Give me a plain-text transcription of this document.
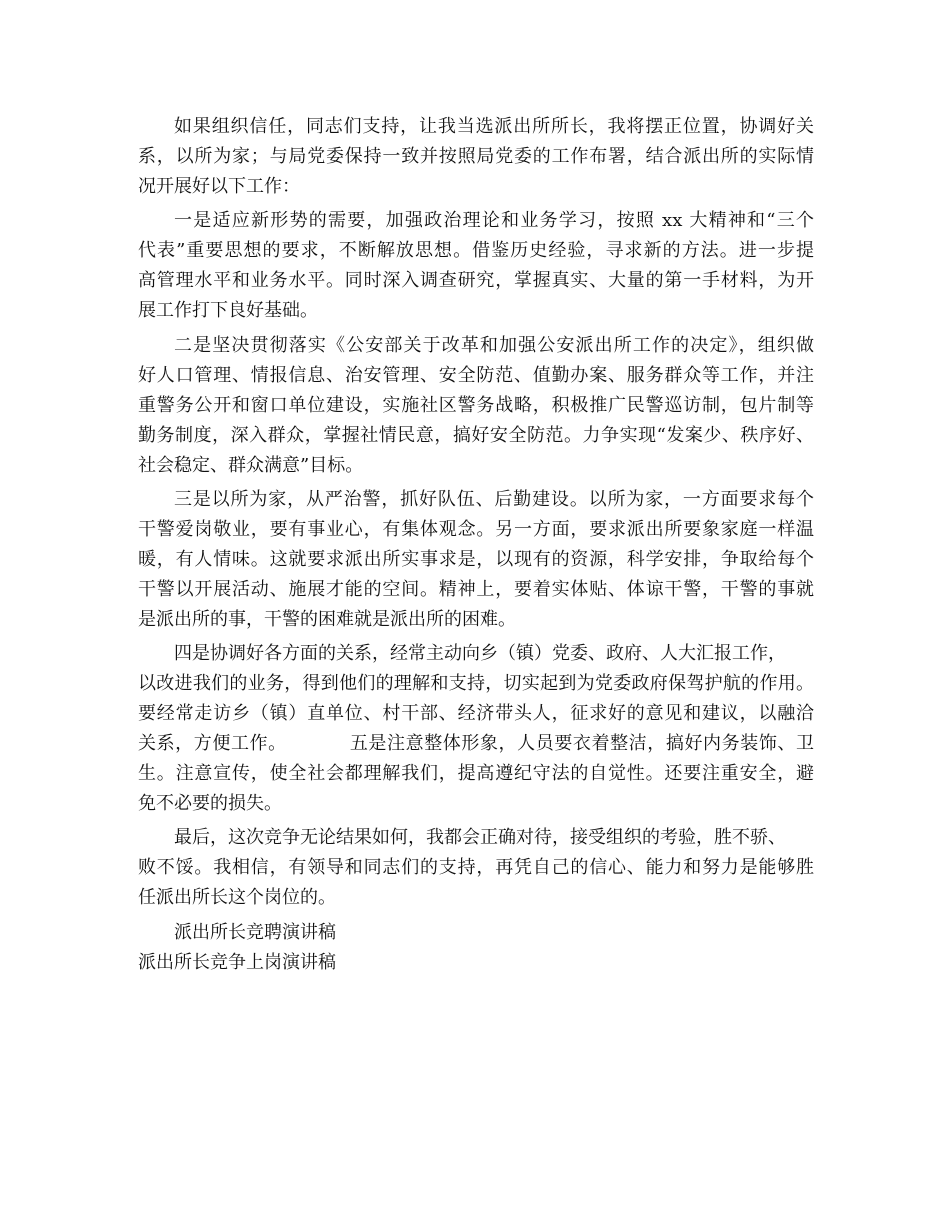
如果组织信任，同志们支持，让我当选派出所所长，我将摆正位置，协调好关
系，以所为家；与局党委保持一致并按照局党委的工作布署，结合派出所的实际情
况开展好以下工作：
一是适应新形势的需要，加强政治理论和业务学习，按照 xx 大精神和“三个
代表”重要思想的要求，不断解放思想。借鉴历史经验，寻求新的方法。进一步提
高管理水平和业务水平。同时深入调查研究，掌握真实、大量的第一手材料，为开
展工作打下良好基础。
二是坚决贯彻落实《公安部关于改革和加强公安派出所工作的决定》，组织做
好人口管理、情报信息、治安管理、安全防范、值勤办案、服务群众等工作，并注
重警务公开和窗口单位建设，实施社区警务战略，积极推广民警巡访制，包片制等
勤务制度，深入群众，掌握社情民意，搞好安全防范。力争实现“发案少、秩序好、
社会稳定、群众满意”目标。
三是以所为家，从严治警，抓好队伍、后勤建设。以所为家，一方面要求每个
干警爱岗敬业，要有事业心，有集体观念。另一方面，要求派出所要象家庭一样温
暖，有人情味。这就要求派出所实事求是，以现有的资源，科学安排，争取给每个
干警以开展活动、施展才能的空间。精神上，要着实体贴、体谅干警，干警的事就
是派出所的事，干警的困难就是派出所的困难。
四是协调好各方面的关系，经常主动向乡（镇）党委、政府、人大汇报工作，
以改进我们的业务，得到他们的理解和支持，切实起到为党委政府保驾护航的作用。
要经常走访乡（镇）直单位、村干部、经济带头人，征求好的意见和建议，以融洽
关系，方便工作。          五是注意整体形象，人员要衣着整洁，搞好内务装饰、卫
生。注意宣传，使全社会都理解我们，提高遵纪守法的自觉性。还要注重安全，避
免不必要的损失。
最后，这次竞争无论结果如何，我都会正确对待，接受组织的考验，胜不骄、
败不馁。我相信，有领导和同志们的支持，再凭自己的信心、能力和努力是能够胜
任派出所长这个岗位的。
派出所长竞聘演讲稿
派出所长竞争上岗演讲稿
